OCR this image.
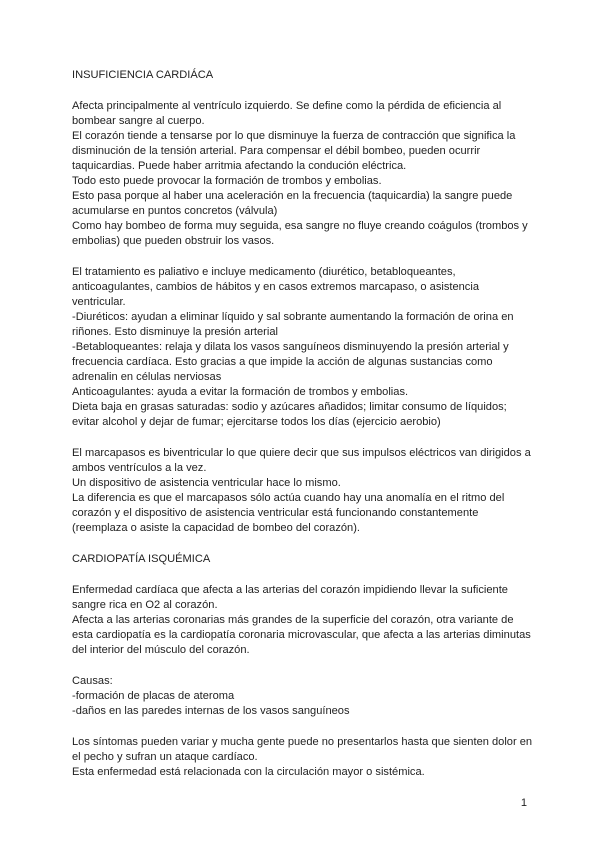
INSUFICIENCIA CARDIÁCA

Afecta principalmente al ventrículo izquierdo. Se define como la pérdida de eficiencia al bombear sangre al cuerpo.

El corazón tiende a tensarse por lo que disminuye la fuerza de contracción que significa la disminución de la tensión arterial. Para compensar el débil bombeo, pueden ocurrir taquicardias. Puede haber arritmia afectando la condución eléctrica.

Todo esto puede provocar la formación de trombos y embolias.

Esto pasa porque al haber una aceleración en la frecuencia (taquicardia) la sangre puede acumularse en puntos concretos (válvula)

Como hay bombeo de forma muy seguida, esa sangre no fluye creando coágulos (trombos y embolias) que pueden obstruir los vasos.

El tratamiento es paliativo e incluye medicamento (diurético, betabloqueantes, anticoagulantes, cambios de hábitos y en casos extremos marcapaso, o asistencia ventricular.

-Diuréticos: ayudan a eliminar líquido y sal sobrante aumentando la formación de orina en riñones. Esto disminuye la presión arterial

-Betabloqueantes: relaja y dilata los vasos sanguíneos disminuyendo la presión arterial y frecuencia cardíaca. Esto gracias a que impide la acción de algunas sustancias como adrenalin en células nerviosas

Anticoagulantes: ayuda a evitar la formación de trombos y embolias.

Dieta baja en grasas saturadas: sodio y azúcares añadidos; limitar consumo de líquidos; evitar alcohol y dejar de fumar; ejercitarse todos los días (ejercicio aerobio)

El marcapasos es biventricular lo que quiere decir que sus impulsos eléctricos van dirigidos a ambos ventrículos a la vez.

Un dispositivo de asistencia ventricular hace lo mismo.

La diferencia es que el marcapasos sólo actúa cuando hay una anomalía en el ritmo del corazón y el dispositivo de asistencia ventricular está funcionando constantemente (reemplaza o asiste la capacidad de bombeo del corazón).

CARDIOPATÍA ISQUÉMICA

Enfermedad cardíaca que afecta a las arterias del corazón impidiendo llevar la suficiente sangre rica en O2 al corazón.

Afecta a las arterias coronarias más grandes de la superficie del corazón, otra variante de esta cardiopatía es la cardiopatía coronaria microvascular, que afecta a las arterias diminutas del interior del músculo del corazón.

Causas:

-formación de placas de ateroma

-daños en las paredes internas de los vasos sanguíneos

Los síntomas pueden variar y mucha gente puede no presentarlos hasta que sienten dolor en el pecho y sufran un ataque cardíaco.

Esta enfermedad está relacionada con la circulación mayor o sistémica.

1
